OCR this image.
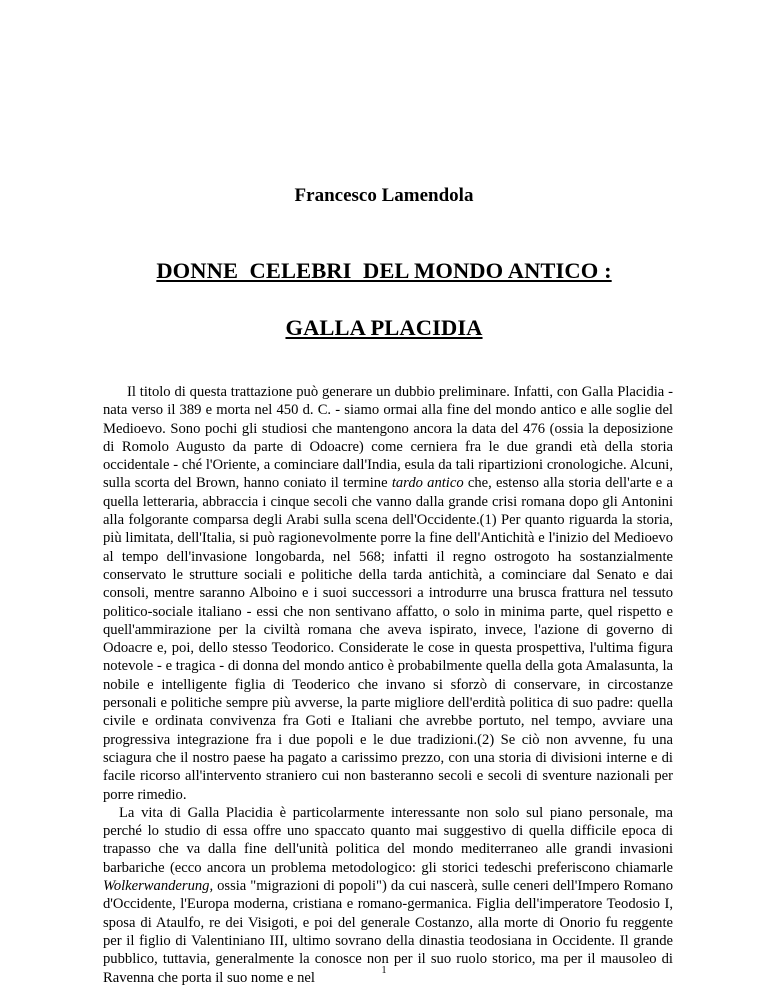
Francesco Lamendola
DONNE  CELEBRI  DEL MONDO ANTICO :
GALLA PLACIDIA

Il titolo di questa trattazione può generare un dubbio preliminare. Infatti, con Galla Placidia - nata verso il 389 e morta nel 450 d. C. - siamo ormai alla fine del mondo antico e alle soglie del Medioevo. Sono pochi gli studiosi che mantengono ancora la data del 476 (ossia la deposizione di Romolo Augusto da parte di Odoacre) come cerniera fra le due grandi età della storia occidentale - ché l'Oriente, a cominciare dall'India, esula da tali ripartizioni cronologiche. Alcuni, sulla scorta del Brown, hanno coniato il termine tardo antico che, estenso alla storia dell'arte e a quella letteraria, abbraccia i cinque secoli che vanno dalla grande crisi romana dopo gli Antonini alla folgorante comparsa degli Arabi sulla scena dell'Occidente.(1) Per quanto riguarda la storia, più limitata, dell'Italia, si può ragionevolmente porre la fine dell'Antichità e l'inizio del Medioevo al tempo dell'invasione longobarda, nel 568; infatti il regno ostrogoto ha sostanzialmente conservato le strutture sociali e politiche della tarda antichità, a cominciare dal Senato e dai consoli, mentre saranno Alboino e i suoi successori a introdurre una brusca frattura nel tessuto politico-sociale italiano - essi che non sentivano affatto, o solo in minima parte, quel rispetto e quell'ammirazione per la civiltà romana che aveva ispirato, invece, l'azione di governo di Odoacre e, poi, dello stesso Teodorico. Considerate le cose in questa prospettiva, l'ultima figura notevole - e tragica - di donna del mondo antico è probabilmente quella della gota Amalasunta, la nobile e intelligente figlia di Teoderico che invano si sforzò di conservare, in circostanze personali e politiche sempre più avverse, la parte migliore dell'erdità politica di suo padre: quella civile e ordinata convivenza fra Goti e Italiani che avrebbe portuto, nel tempo, avviare una progressiva integrazione fra i due popoli e le due tradizioni.(2) Se ciò non avvenne, fu una sciagura che il nostro paese ha pagato a carissimo prezzo, con una storia di divisioni interne e di facile ricorso all'intervento straniero cui non basteranno secoli e secoli di sventure nazionali per porre rimedio.

La vita di Galla Placidia è particolarmente interessante non solo sul piano personale, ma perché lo studio di essa offre uno spaccato quanto mai suggestivo di quella difficile epoca di trapasso che va dalla fine dell'unità politica del mondo mediterraneo alle grandi invasioni barbariche (ecco ancora un problema metodologico: gli storici tedeschi preferiscono chiamarle Wolkerwanderung, ossia "migrazioni di popoli") da cui nascerà, sulle ceneri dell'Impero Romano d'Occidente, l'Europa moderna, cristiana e romano-germanica. Figlia dell'imperatore Teodosio I, sposa di Ataulfo, re dei Visigoti, e poi del generale Costanzo, alla morte di Onorio fu reggente per il figlio di Valentiniano III, ultimo sovrano della dinastia teodosiana in Occidente. Il grande pubblico, tuttavia, generalmente la conosce non per il suo ruolo storico, ma per il mausoleo di Ravenna che porta il suo nome e nel	1
